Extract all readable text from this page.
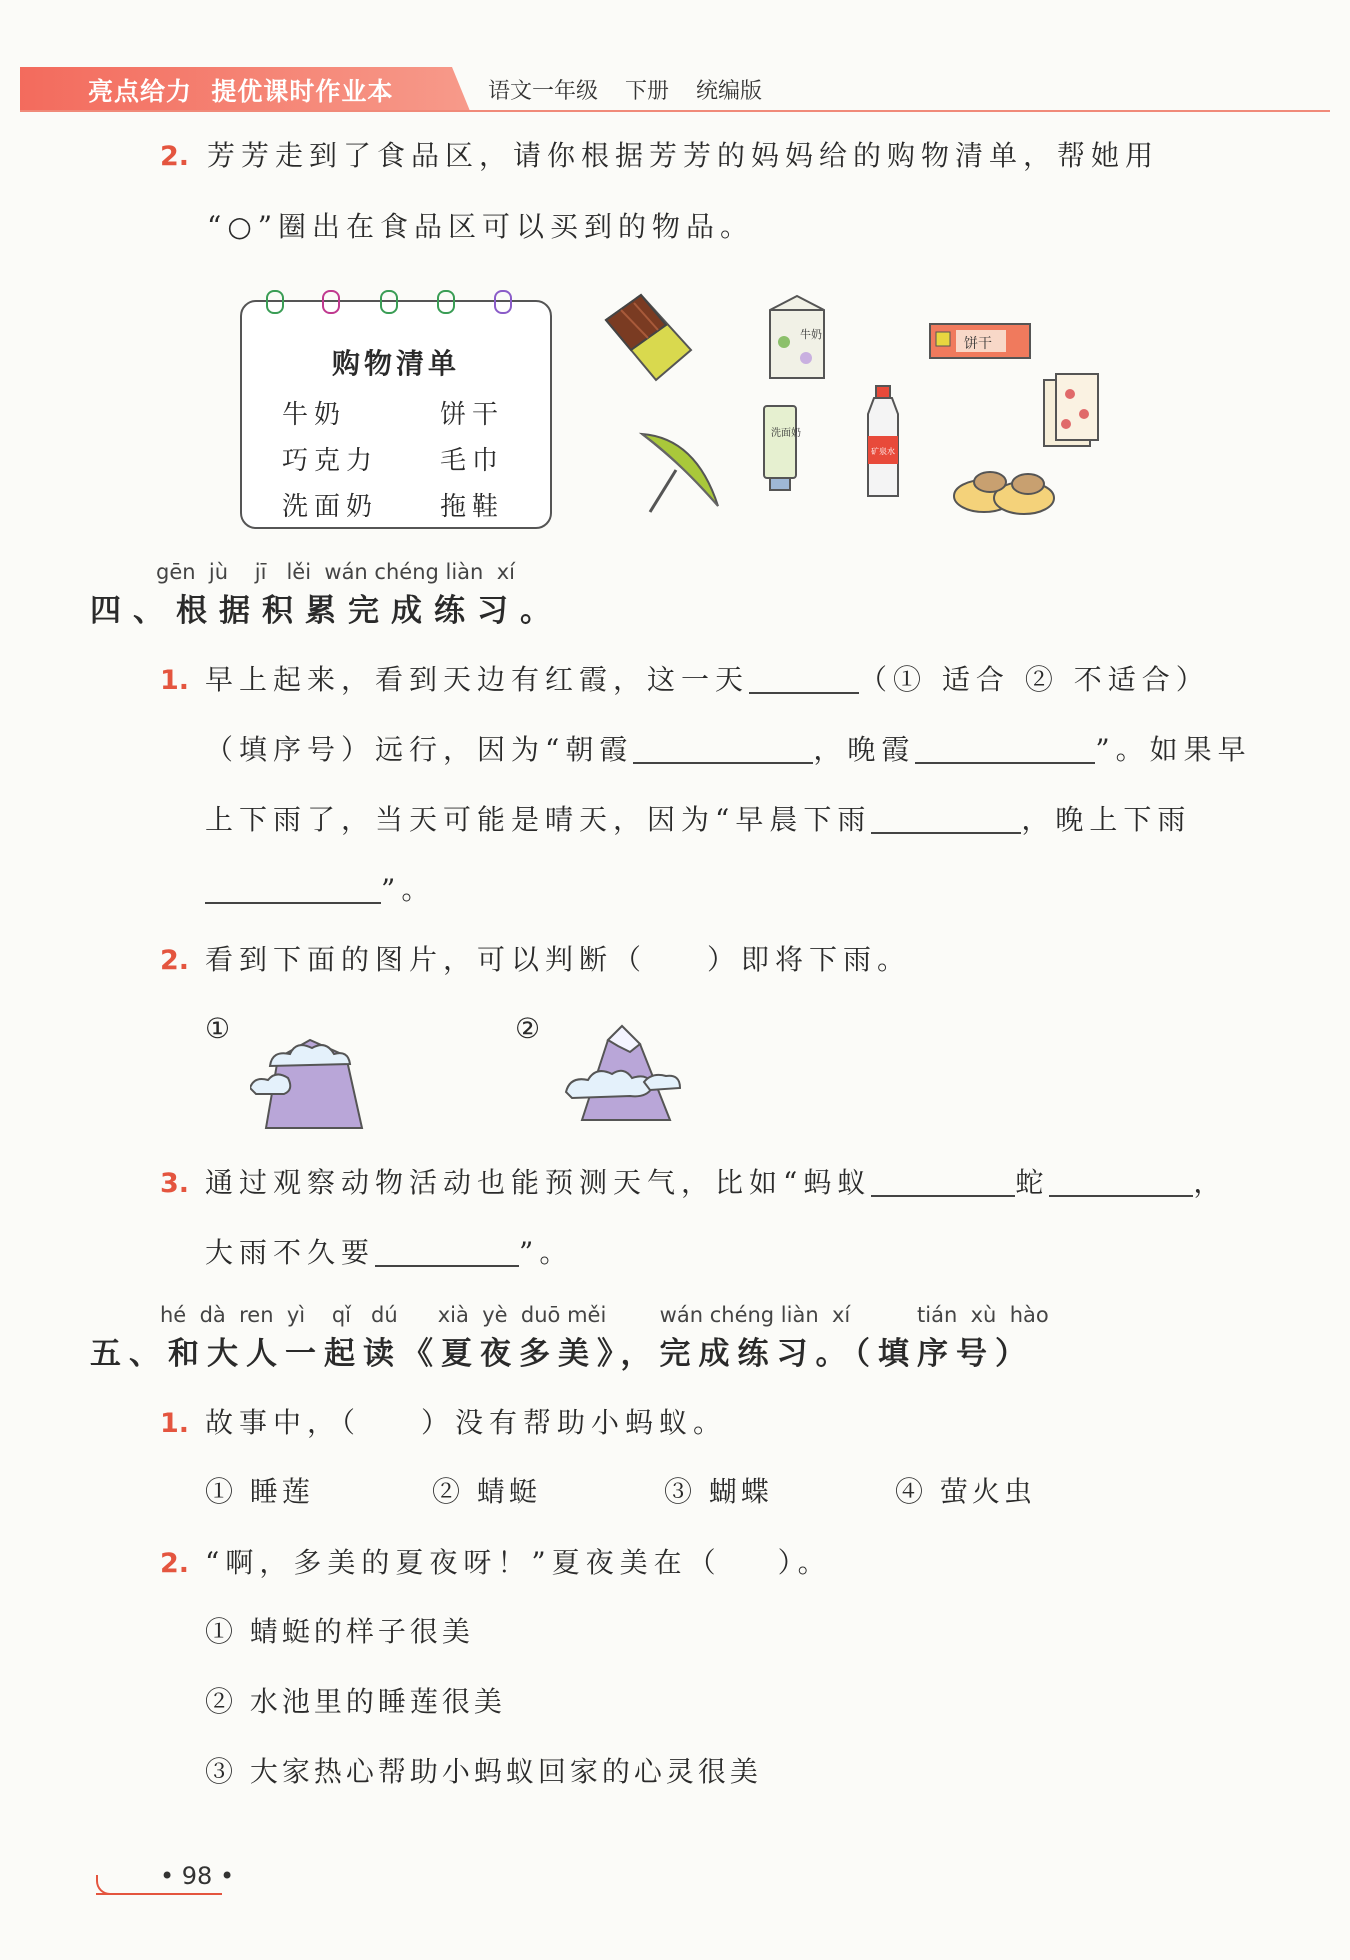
亮点给力  提优课时作业本	语文一年级 下册 统编版
2. 芳芳走到了食品区，请你根据芳芳的妈妈给的购物清单，帮她用
“○”圈出在食品区可以买到的物品。
购物清单
牛奶	饼干
巧克力 毛巾
洗面奶 拖鞋
牛奶
饼干
洗面奶
矿泉水
gēn  jù    jī   lěi  wán chéng liàn  xí
四、根据积累完成练习。
1. 早上起来，看到天边有红霞，这一天	（① 适合 ② 不适合）
（填序号）远行，因为“朝霞	，晚霞	”。如果早
上下雨了，当天可能是晴天，因为“早晨下雨	，晚上下雨
”。
2. 看到下面的图片，可以判断（ ）即将下雨。
①	②
3. 通过观察动物活动也能预测天气，比如“蚂蚁	蛇	，
大雨不久要	”。
hé  dà  ren  yì    qǐ   dú      xià  yè  duō měi        wán chéng liàn  xí          tián  xù  hào
五、和大人一起读《夏夜多美》，完成练习。（填序号）
1. 故事中，（ ）没有帮助小蚂蚁。
① 睡莲	② 蜻蜓	③ 蝴蝶	④ 萤火虫
2. “啊，多美的夏夜呀！”夏夜美在（ ）。
① 蜻蜓的样子很美
② 水池里的睡莲很美
③ 大家热心帮助小蚂蚁回家的心灵很美
• 98 •
